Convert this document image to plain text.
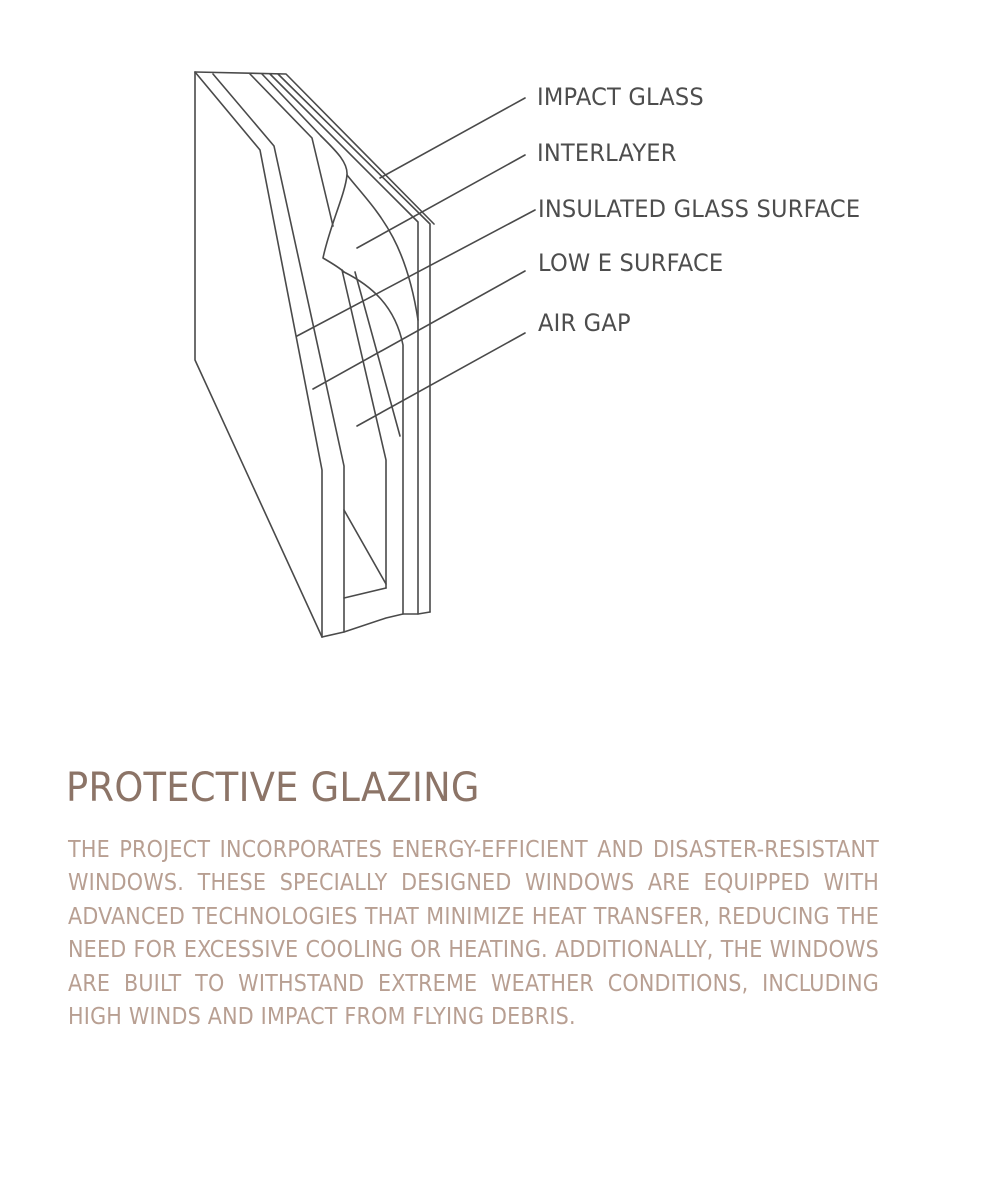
IMPACT GLASS
INTERLAYER
INSULATED GLASS SURFACE
LOW E SURFACE
AIR GAP
PROTECTIVE GLAZING

THE PROJECT INCORPORATES ENERGY-EFFICIENT AND DISASTER-RESISTANT WINDOWS. THESE SPECIALLY DESIGNED WINDOWS ARE EQUIPPED WITH ADVANCED TECHNOLOGIES THAT MINIMIZE HEAT TRANSFER, REDUCING THE NEED FOR EXCESSIVE COOLING OR HEATING. ADDITIONALLY, THE WINDOWS ARE BUILT TO WITHSTAND EXTREME WEATHER CONDITIONS, INCLUDING HIGH WINDS AND IMPACT FROM FLYING DEBRIS.
